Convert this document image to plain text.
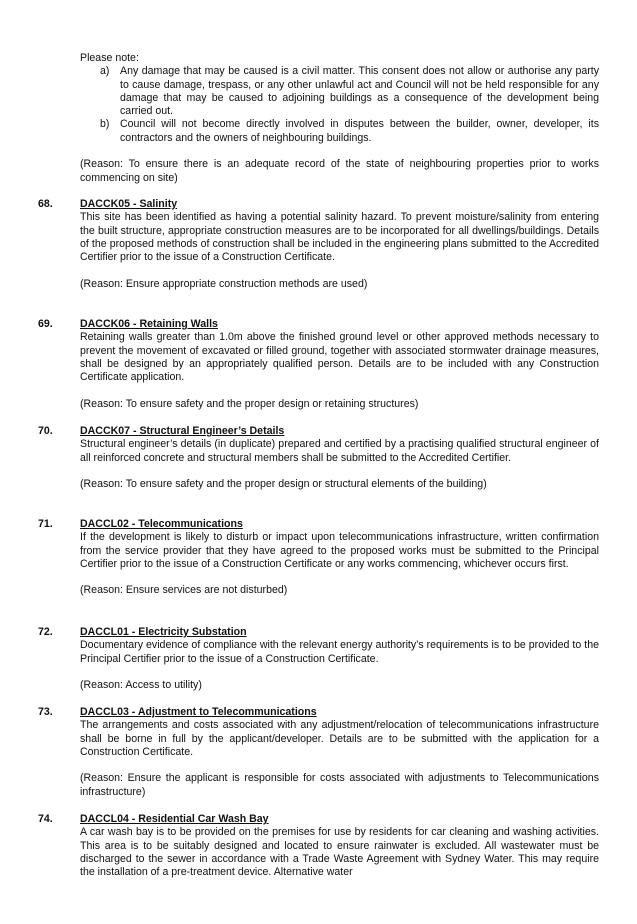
Please note:

a) Any damage that may be caused is a civil matter. This consent does not allow or authorise any party to cause damage, trespass, or any other unlawful act and Council will not be held responsible for any damage that may be caused to adjoining buildings as a consequence of the development being carried out.

b) Council will not become directly involved in disputes between the builder, owner, developer, its contractors and the owners of neighbouring buildings.

(Reason: To ensure there is an adequate record of the state of neighbouring properties prior to works commencing on site)

68.	DACCK05 - Salinity

This site has been identified as having a potential salinity hazard. To prevent moisture/salinity from entering the built structure, appropriate construction measures are to be incorporated for all dwellings/buildings. Details of the proposed methods of construction shall be included in the engineering plans submitted to the Accredited Certifier prior to the issue of a Construction Certificate.

(Reason: Ensure appropriate construction methods are used)

69.	DACCK06 - Retaining Walls

Retaining walls greater than 1.0m above the finished ground level or other approved methods necessary to prevent the movement of excavated or filled ground, together with associated stormwater drainage measures, shall be designed by an appropriately qualified person. Details are to be included with any Construction Certificate application.

(Reason: To ensure safety and the proper design or retaining structures)

70.	DACCK07 - Structural Engineer’s Details

Structural engineer’s details (in duplicate) prepared and certified by a practising qualified structural engineer of all reinforced concrete and structural members shall be submitted to the Accredited Certifier.

(Reason: To ensure safety and the proper design or structural elements of the building)

71.	DACCL02 - Telecommunications

If the development is likely to disturb or impact upon telecommunications infrastructure, written confirmation from the service provider that they have agreed to the proposed works must be submitted to the Principal Certifier prior to the issue of a Construction Certificate or any works commencing, whichever occurs first.

(Reason: Ensure services are not disturbed)

72.	DACCL01 - Electricity Substation

Documentary evidence of compliance with the relevant energy authority’s requirements is to be provided to the Principal Certifier prior to the issue of a Construction Certificate.

(Reason: Access to utility)

73.	DACCL03 - Adjustment to Telecommunications

The arrangements and costs associated with any adjustment/relocation of telecommunications infrastructure shall be borne in full by the applicant/developer. Details are to be submitted with the application for a Construction Certificate.

(Reason: Ensure the applicant is responsible for costs associated with adjustments to Telecommunications infrastructure)

74.	DACCL04 - Residential Car Wash Bay

A car wash bay is to be provided on the premises for use by residents for car cleaning and washing activities. This area is to be suitably designed and located to ensure rainwater is excluded. All wastewater must be discharged to the sewer in accordance with a Trade Waste Agreement with Sydney Water. This may require the installation of a pre-treatment device. Alternative water
